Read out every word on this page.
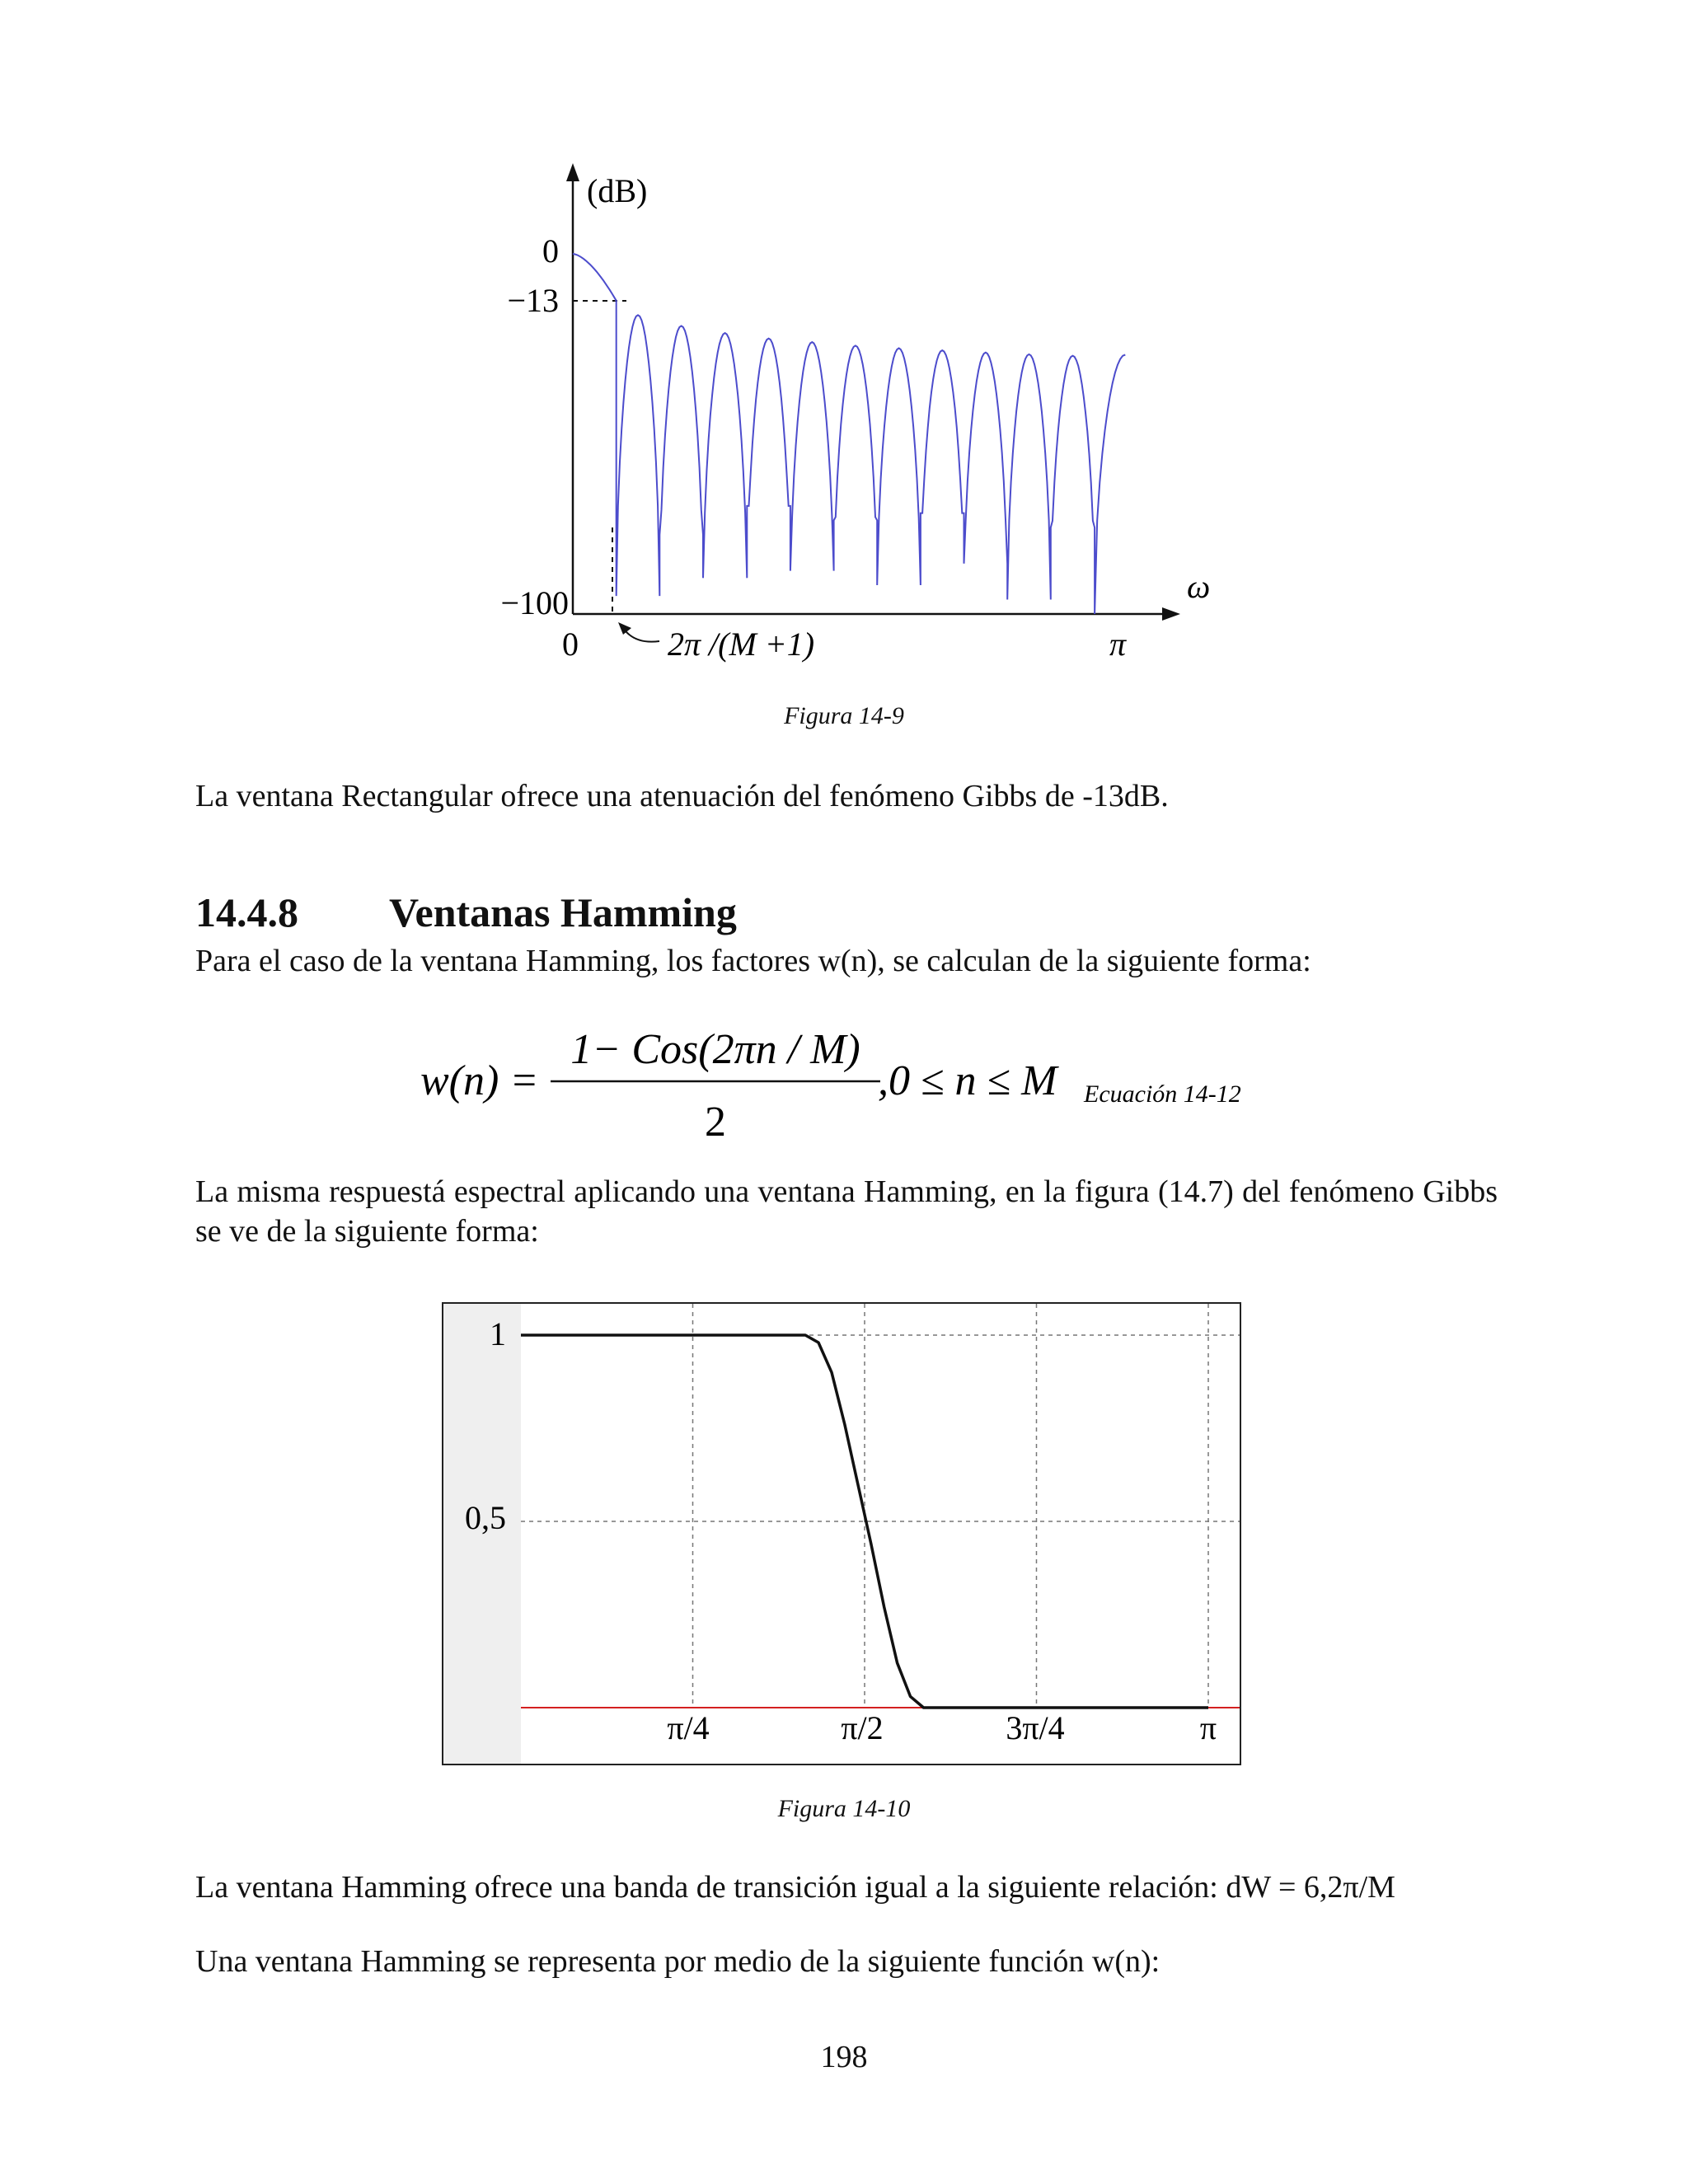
(dB)
0
−13
−100
0	π
ω
2π /(M +1)
Figura 14-9
La ventana Rectangular ofrece una atenuación del fenómeno Gibbs de -13dB.
14.4.8 Ventanas Hamming
Para el caso de la ventana Hamming, los factores w(n), se calculan de la siguiente forma:
w(n) =
1− Cos(2πn / M)
2
,0 ≤ n ≤ M Ecuación 14-12
La misma respuestá espectral aplicando una ventana Hamming, en la figura (14.7) del fenómeno Gibbs se ve de la siguiente forma:
1
0,5
π/4	π/2	3π/4	π
Figura 14-10
La ventana Hamming ofrece una banda de transición igual a la siguiente relación: dW = 6,2π/M
Una ventana Hamming se representa por medio de la siguiente función w(n):
198
